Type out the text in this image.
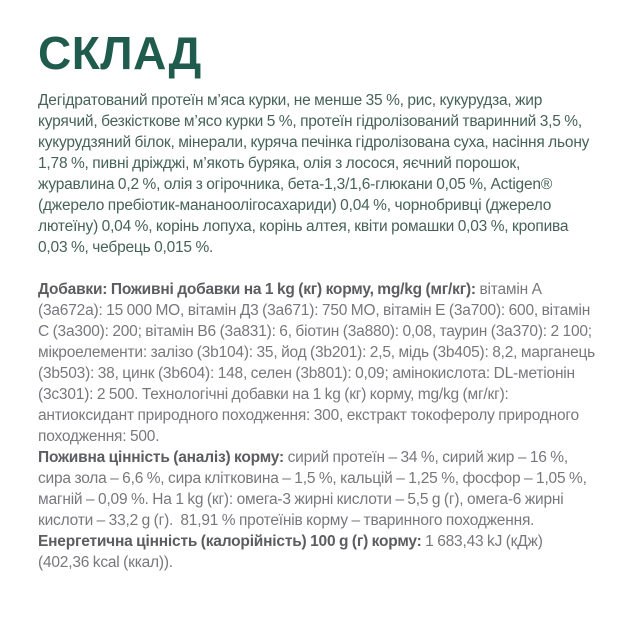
СКЛАД

Дегідратований протеїн м’яса курки, не менше 35 %, рис, кукурудза, жир курячий, безкісткове м’ясо курки 5 %, протеїн гідролізований тваринний 3,5 %, кукурудзяний білок, мінерали, куряча печінка гідролізована суха, насіння льону 1,78 %, пивні дріжджі, м’якоть буряка, олія з лосося, яєчний порошок, журавлина 0,2 %, олія з огірочника, бета-1,3/1,6-глюкани 0,05 %, Actigen® (джерело пребіотик-мананоолігосахариди) 0,04 %, чорнобривці (джерело лютеїну) 0,04 %, корінь лопуха, корінь алтея, квіти ромашки 0,03 %, кропива 0,03 %, чебрець 0,015 %.

Добавки: Поживні добавки на 1 kg (кг) корму, mg/kg (мг/кг): вітамін A (3a672a): 15 000 МО, вітамін Д3 (3a671): 750 МО, вітамін E (3a700): 600, вітамін C (3a300): 200; вітамін B6 (3a831): 6, біотин (3a880): 0,08, таурин (3a370): 2 100; мікроелементи: залізо (3b104): 35, йод (3b201): 2,5, мідь (3b405): 8,2, марганець (3b503): 38, цинк (3b604): 148, селен (3b801): 0,09; амінокислота: DL-метіонін (3c301): 2 500. Технологічні добавки на 1 kg (кг) корму, mg/kg (мг/кг): антиоксидант природного походження: 300, екстракт токоферолу природного походження: 500.

Поживна цінність (аналіз) корму: сирий протеїн – 34 %, сирий жир – 16 %, сира зола – 6,6 %, сира клітковина – 1,5 %, кальцій – 1,25 %, фосфор – 1,05 %, магній – 0,09 %. На 1 kg (кг): омега-3 жирні кислоти – 5,5 g (г), омега-6 жирні кислоти – 33,2 g (г).  81,91 % протеїнів корму – тваринного походження.

Енергетична цінність (калорійність) 100 g (г) корму: 1 683,43 kJ (кДж) (402,36 kcal (ккал)).
